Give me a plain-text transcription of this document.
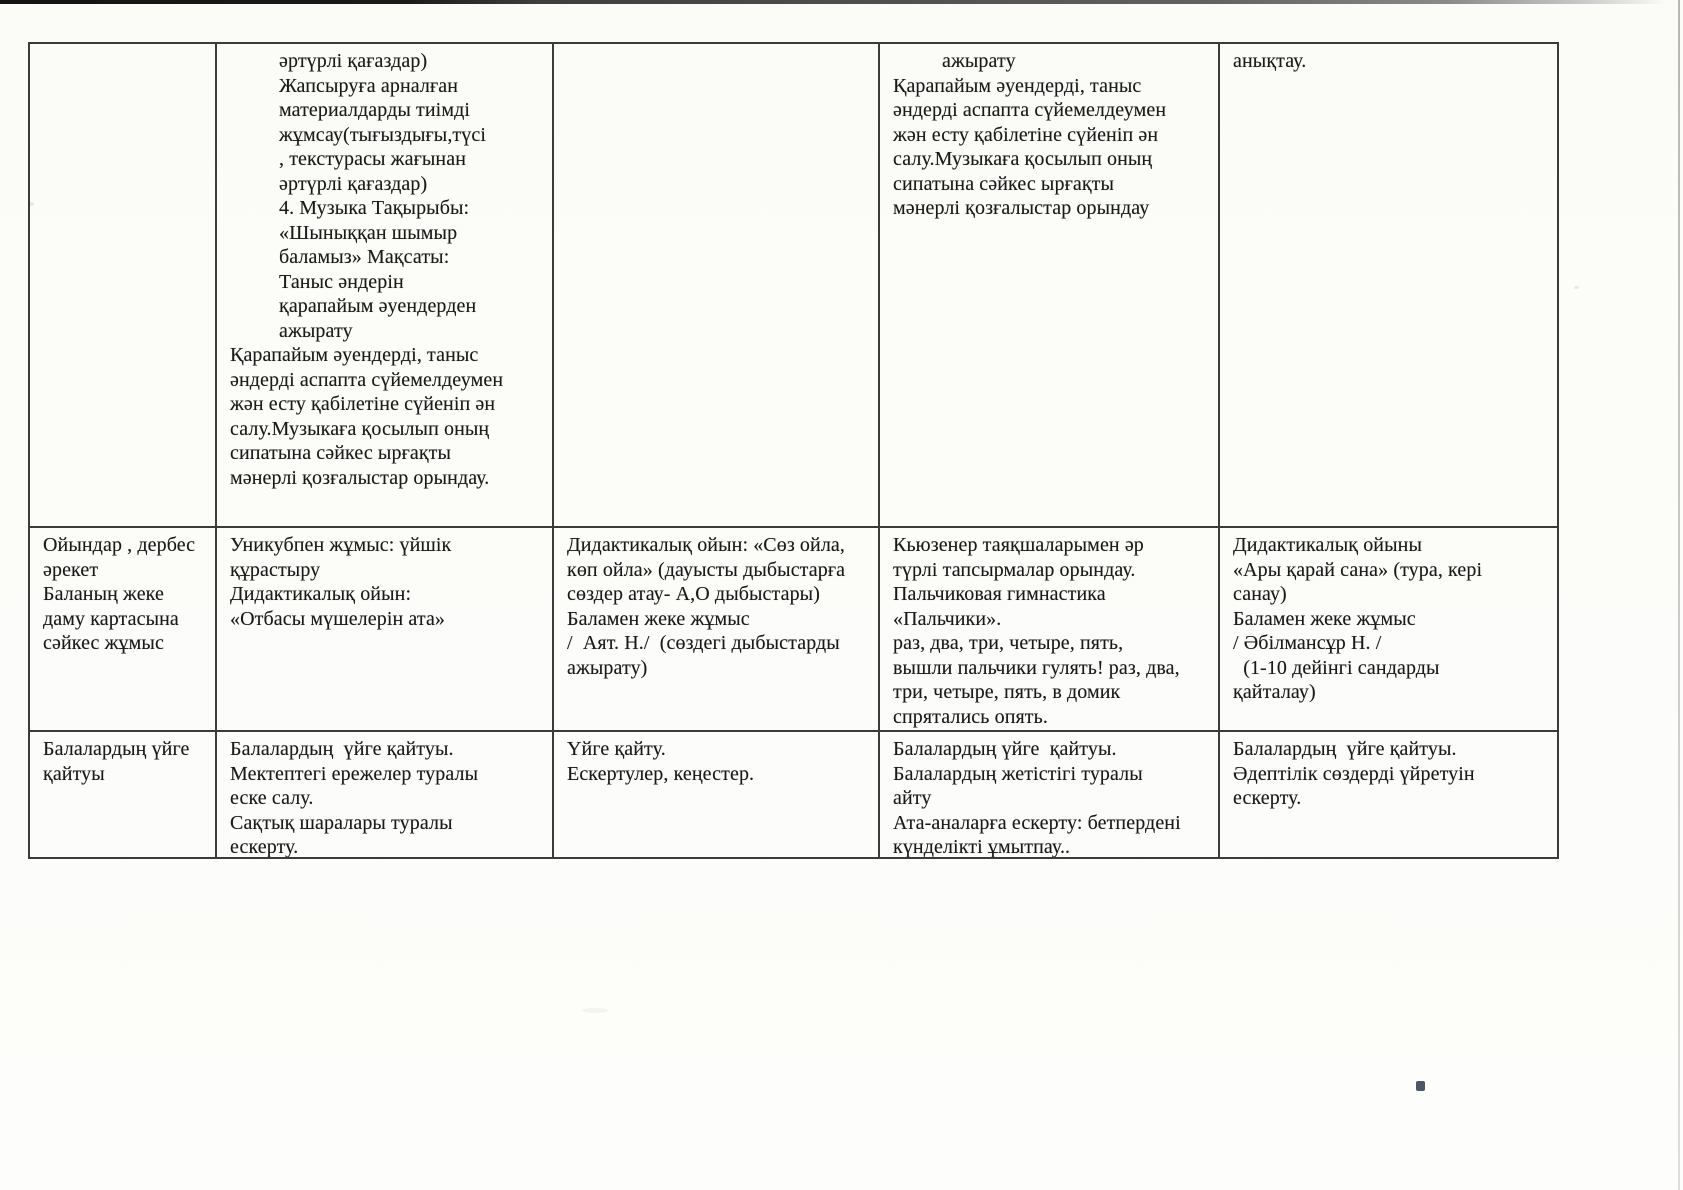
әртүрлі қағаздар)
Жапсыруға арналған
материалдарды тиімді
жұмсау(тығыздығы,түсі
, текстурасы жағынан
әртүрлі қағаздар)
4. Музыка Тақырыбы:
«Шыныққан шымыр
баламыз» Мақсаты:
Таныс әндерін
қарапайым әуендерден
ажырату
Қарапайым әуендерді, таныс
әндерді аспапта сүйемелдеумен
жән есту қабілетіне сүйеніп ән
салу.Музыкаға қосылып оның
сипатына сәйкес ырғақты
мәнерлі қозғалыстар орындау.
ажырату
Қарапайым әуендерді, таныс
әндерді аспапта сүйемелдеумен
жән есту қабілетіне сүйеніп ән
салу.Музыкаға қосылып оның
сипатына сәйкес ырғақты
мәнерлі қозғалыстар орындау
анықтау.
Ойындар , дербес
әрекет
Баланың жеке
даму картасына
сәйкес жұмыс
Уникубпен жұмыс: үйшік
құрастыру
Дидактикалық ойын:
«Отбасы мүшелерін ата»
Дидактикалық ойын: «Сөз ойла,
көп ойла» (дауысты дыбыстарға
сөздер атау- А,О дыбыстары)
Баламен жеке жұмыс
/  Аят. Н./  (сөздегі дыбыстарды
ажырату)
Кьюзенер таяқшаларымен әр
түрлі тапсырмалар орындау.
Пальчиковая гимнастика
«Пальчики».
раз, два, три, четыре, пять,
вышли пальчики гулять! раз, два,
три, четыре, пять, в домик
спрятались опять.
Дидактикалық ойыны
«Ары қарай сана» (тура, кері
санау)
Баламен жеке жұмыс
/ Әбілмансұр Н. /
(1-10 дейінгі сандарды
қайталау)
Балалардың үйге
қайтуы
Балалардың  үйге қайтуы.
Мектептегі ережелер туралы
еске салу.
Сақтық шаралары туралы
ескерту.
Үйге қайту.
Ескертулер, кеңестер.
Балалардың үйге  қайтуы.
Балалардың жетістігі туралы
айту
Ата-аналарға ескерту: бетпердені
күнделікті ұмытпау..
Балалардың  үйге қайтуы.
Әдептілік сөздерді үйретуін
ескерту.
